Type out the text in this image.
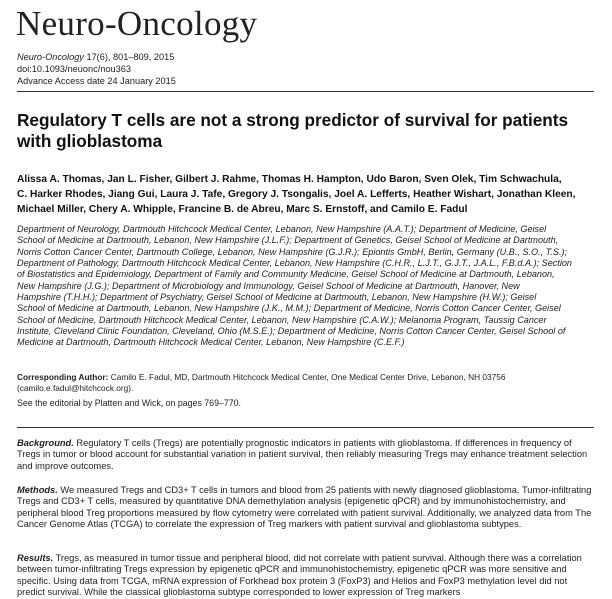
Neuro-Oncology
Neuro-Oncology 17(6), 801–809, 2015
doi:10.1093/neuonc/nou363
Advance Access date 24 January 2015
Regulatory T cells are not a strong predictor of survival for patients with glioblastoma
Alissa A. Thomas, Jan L. Fisher, Gilbert J. Rahme, Thomas H. Hampton, Udo Baron, Sven Olek, Tim Schwachula,
C. Harker Rhodes, Jiang Gui, Laura J. Tafe, Gregory J. Tsongalis, Joel A. Lefferts, Heather Wishart, Jonathan Kleen,
Michael Miller, Chery A. Whipple, Francine B. de Abreu, Marc S. Ernstoff, and Camilo E. Fadul
Department of Neurology, Dartmouth Hitchcock Medical Center, Lebanon, New Hampshire (A.A.T.); Department of Medicine, Geisel
School of Medicine at Dartmouth, Lebanon, New Hampshire (J.L.F.); Department of Genetics, Geisel School of Medicine at Dartmouth,
Norris Cotton Cancer Center, Dartmouth College, Lebanon, New Hampshire (G.J.R.); Epiontis GmbH, Berlin, Germany (U.B., S.O., T.S.);
Department of Pathology, Dartmouth Hitchcock Medical Center, Lebanon, New Hampshire (C.H.R., L.J.T., G.J.T., J.A.L., F.B.d.A.); Section
of Biostatistics and Epidemiology, Department of Family and Community Medicine, Geisel School of Medicine at Dartmouth, Lebanon,
New Hampshire (J.G.); Department of Microbiology and Immunology, Geisel School of Medicine at Dartmouth, Hanover, New
Hampshire (T.H.H.); Department of Psychiatry, Geisel School of Medicine at Dartmouth, Lebanon, New Hampshire (H.W.); Geisel
School of Medicine at Dartmouth, Lebanon, New Hampshire (J.K., M.M.); Department of Medicine, Norris Cotton Cancer Center, Geisel
School of Medicine, Dartmouth Hitchcock Medical Center, Lebanon, New Hampshire (C.A.W.); Melanoma Program, Taussig Cancer
Institute, Cleveland Clinic Foundation, Cleveland, Ohio (M.S.E.); Department of Medicine, Norris Cotton Cancer Center, Geisel School of
Medicine at Dartmouth, Dartmouth Hitchcock Medical Center, Lebanon, New Hampshire (C.E.F.)
Corresponding Author: Camilo E. Fadul, MD, Dartmouth Hitchcock Medical Center, One Medical Center Drive, Lebanon, NH 03756
(camilo.e.fadul@hitchcock.org).
See the editorial by Platten and Wick, on pages 769–770.
Background. Regulatory T cells (Tregs) are potentially prognostic indicators in patients with glioblastoma. If differences in frequency of Tregs in tumor or blood account for substantial variation in patient survival, then reliably measuring Tregs may enhance treatment selection and improve outcomes.
Methods. We measured Tregs and CD3+ T cells in tumors and blood from 25 patients with newly diagnosed glioblastoma. Tumor-infiltrating Tregs and CD3+ T cells, measured by quantitative DNA demethylation analysis (epigenetic qPCR) and by immunohistochemistry, and peripheral blood Treg proportions measured by flow cytometry were correlated with patient survival. Additionally, we analyzed data from The Cancer Genome Atlas (TCGA) to correlate the expression of Treg markers with patient survival and glioblastoma subtypes.
Results. Tregs, as measured in tumor tissue and peripheral blood, did not correlate with patient survival. Although there was a correlation between tumor-infiltrating Tregs expression by epigenetic qPCR and immunohistochemistry, epigenetic qPCR was more sensitive and specific. Using data from TCGA, mRNA expression of Forkhead box protein 3 (FoxP3) and Helios and FoxP3 methylation level did not predict survival. While the classical glioblastoma subtype corresponded to lower expression of Treg markers
